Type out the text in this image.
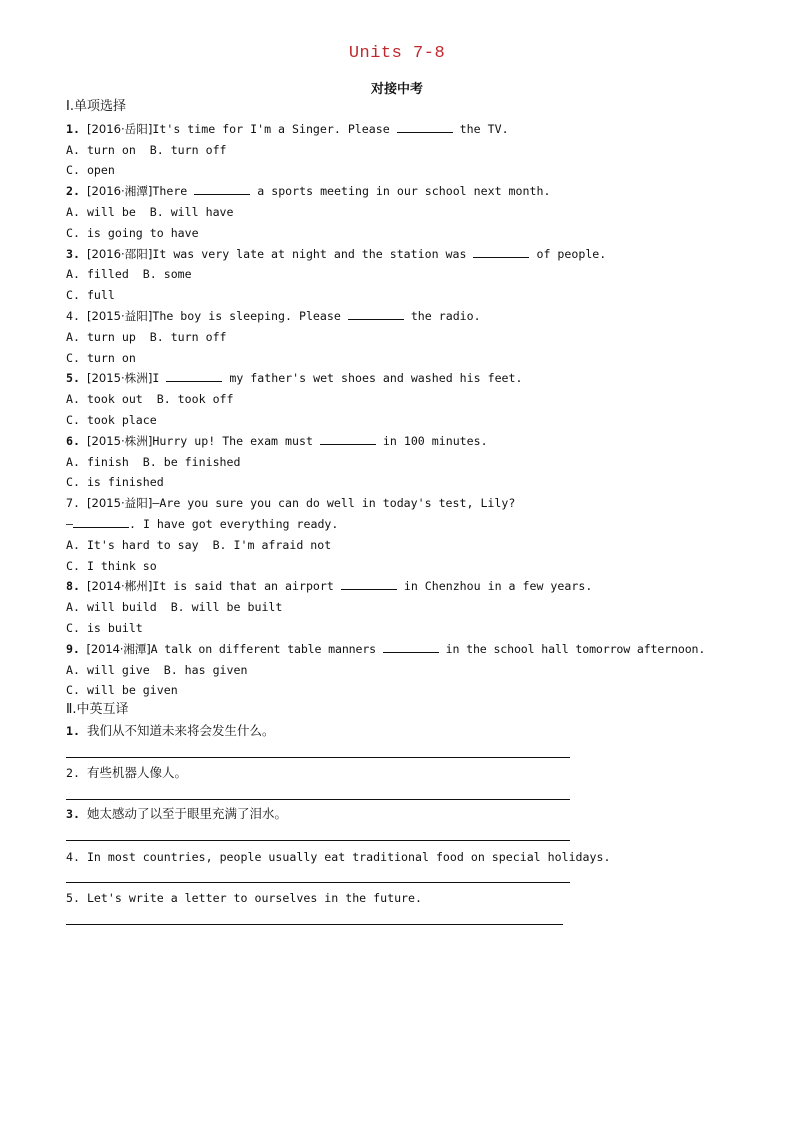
Units 7-8
对接中考
Ⅰ.单项选择
1. [2016·岳阳]It's time for I'm a Singer. Please	the TV.
A. turn on  B. turn off
C. open
2. [2016·湘潭]There	a sports meeting in our school next month.
A. will be  B. will have
C. is going to have
3. [2016·邵阳]It was very late at night and the station was	of people.
A. filled  B. some
C. full
4. [2015·益阳]The boy is sleeping. Please	the radio.
A. turn up  B. turn off
C. turn on
5. [2015·株洲]I	my father's wet shoes and washed his feet.
A. took out  B. took off
C. took place
6. [2015·株洲]Hurry up! The exam must	in 100 minutes.
A. finish  B. be finished
C. is finished
7. [2015·益阳]—Are you sure you can do well in today's test, Lily?
—	. I have got everything ready.
A. It's hard to say  B. I'm afraid not
C. I think so
8. [2014·郴州]It is said that an airport	in Chenzhou in a few years.
A. will build  B. will be built
C. is built
9. [2014·湘潭]A talk on different table manners	in the school hall tomorrow afternoon.
A. will give  B. has given
C. will be given
Ⅱ.中英互译
1. 我们从不知道未来将会发生什么。
2. 有些机器人像人。
3. 她太感动了以至于眼里充满了泪水。
4. In most countries, people usually eat traditional food on special holidays.
5. Let's write a letter to ourselves in the future.
